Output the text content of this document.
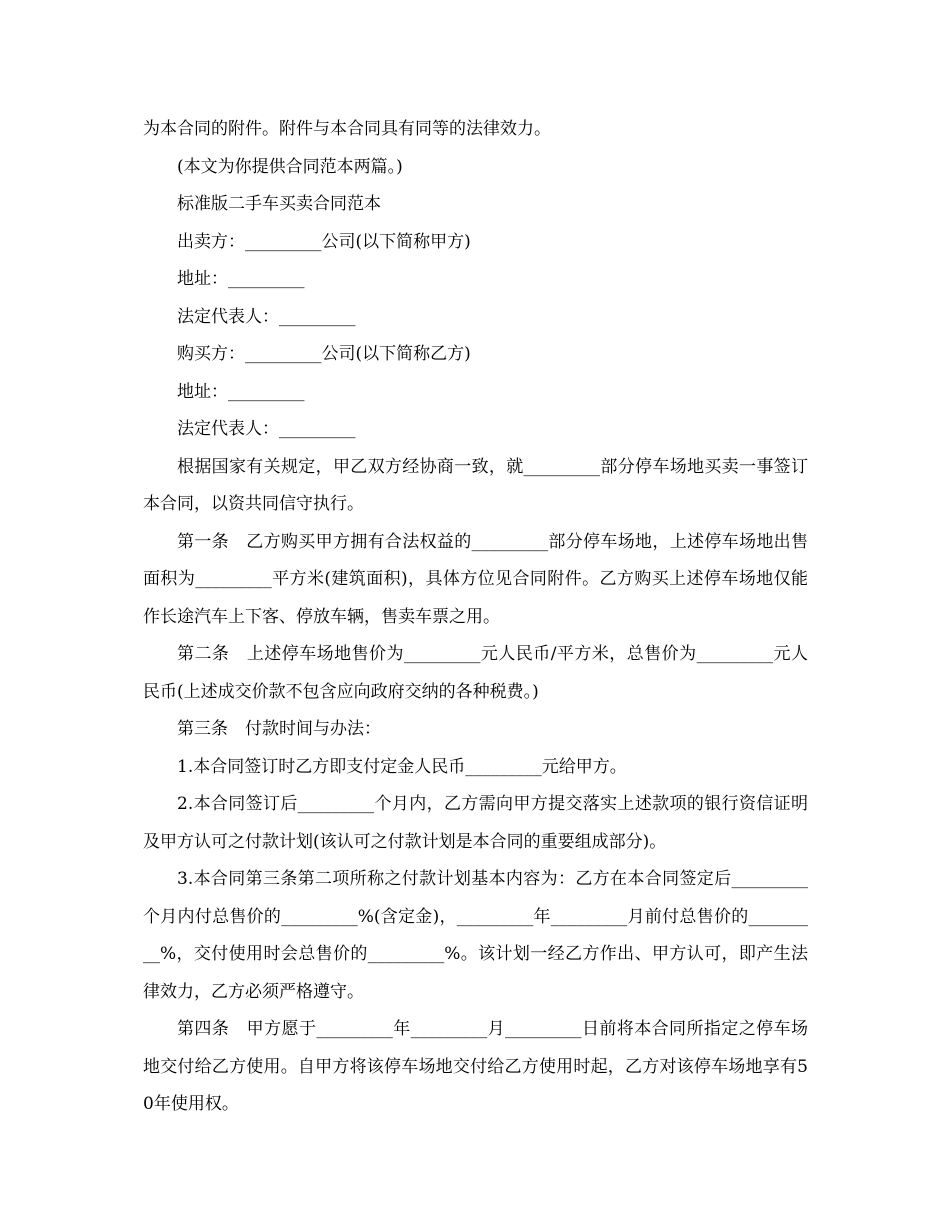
为本合同的附件。附件与本合同具有同等的法律效力。

(本文为你提供合同范本两篇。)

标准版二手车买卖合同范本

出卖方：_________公司(以下简称甲方)

地址：_________

法定代表人：_________

购买方：_________公司(以下简称乙方)

地址：_________

法定代表人：_________

根据国家有关规定，甲乙双方经协商一致，就_________部分停车场地买卖一事签订本合同，以资共同信守执行。

第一条　乙方购买甲方拥有合法权益的_________部分停车场地，上述停车场地出售面积为_________平方米(建筑面积)，具体方位见合同附件。乙方购买上述停车场地仅能作长途汽车上下客、停放车辆，售卖车票之用。

第二条　上述停车场地售价为_________元人民币/平方米，总售价为_________元人民币(上述成交价款不包含应向政府交纳的各种税费。)

第三条　付款时间与办法：

1.本合同签订时乙方即支付定金人民币_________元给甲方。

2.本合同签订后_________个月内，乙方需向甲方提交落实上述款项的银行资信证明及甲方认可之付款计划(该认可之付款计划是本合同的重要组成部分)。

3.本合同第三条第二项所称之付款计划基本内容为：乙方在本合同签定后_________个月内付总售价的_________%(含定金)，_________年_________月前付总售价的_________%，交付使用时会总售价的_________%。该计划一经乙方作出、甲方认可，即产生法律效力，乙方必须严格遵守。

第四条　甲方愿于_________年_________月_________日前将本合同所指定之停车场地交付给乙方使用。自甲方将该停车场地交付给乙方使用时起，乙方对该停车场地享有50年使用权。
